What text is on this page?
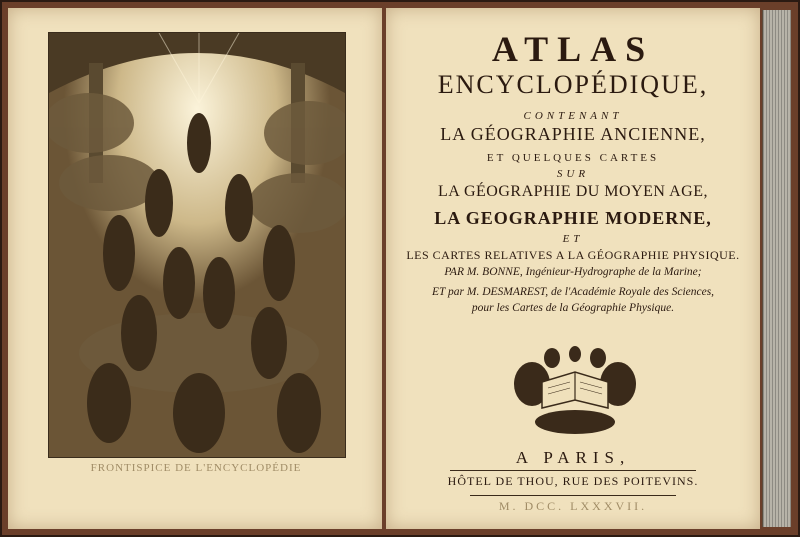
FRONTISPICE DE L'ENCYCLOPÉDIE
ATLAS
ENCYCLOPÉDIQUE,
CONTENANT
LA GÉOGRAPHIE ANCIENNE,
ET QUELQUES CARTES
SUR
LA GÉOGRAPHIE DU MOYEN AGE,
LA GEOGRAPHIE MODERNE,
ET
LES CARTES RELATIVES A LA GÉOGRAPHIE PHYSIQUE.
PAR M. BONNE, Ingénieur-Hydrographe de la Marine;
ET par M. DESMAREST, de l'Académie Royale des Sciences,
pour les Cartes de la Géographie Physique.
A PARIS,
HÔTEL DE THOU, RUE DES POITEVINS.
M. DCC. LXXXVII.
